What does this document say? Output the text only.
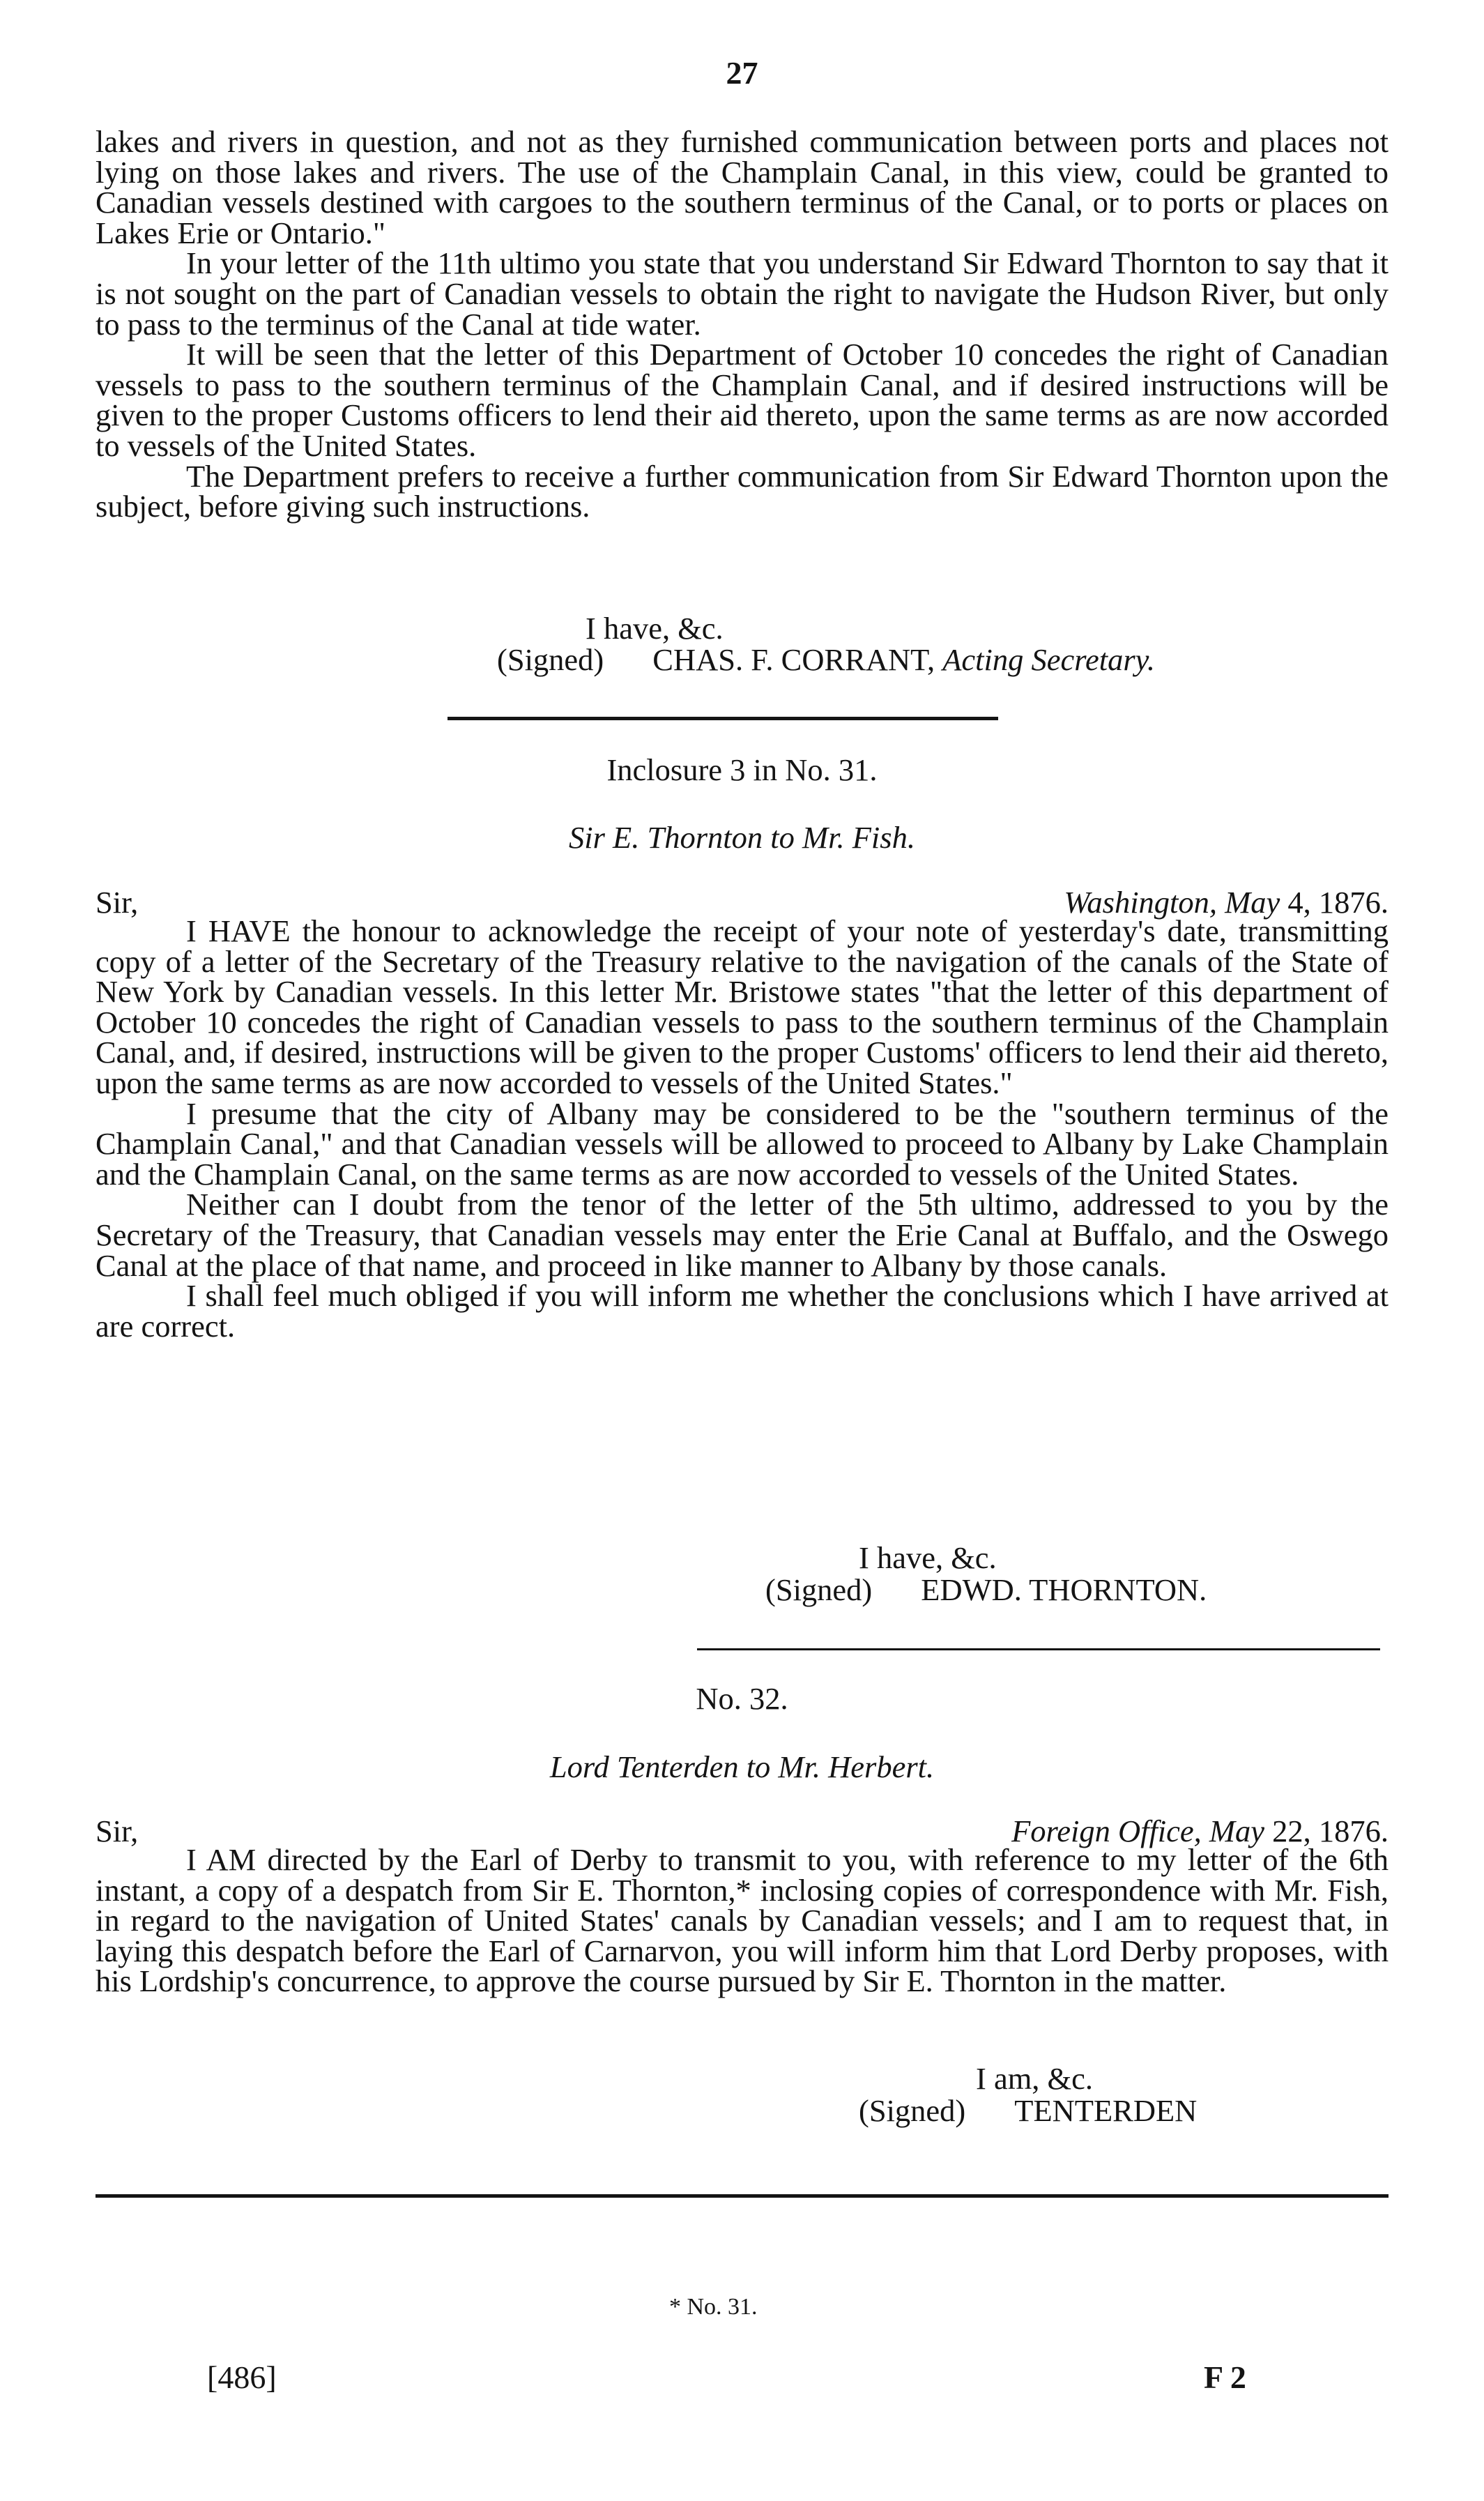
27

lakes and rivers in question, and not as they furnished communication between ports and places not lying on those lakes and rivers. The use of the Champlain Canal, in this view, could be granted to Canadian vessels destined with cargoes to the southern terminus of the Canal, or to ports or places on Lakes Erie or Ontario."

In your letter of the 11th ultimo you state that you understand Sir Edward Thornton to say that it is not sought on the part of Canadian vessels to obtain the right to navigate the Hudson River, but only to pass to the terminus of the Canal at tide water.

It will be seen that the letter of this Department of October 10 concedes the right of Canadian vessels to pass to the southern terminus of the Champlain Canal, and if desired instructions will be given to the proper Customs officers to lend their aid thereto, upon the same terms as are now accorded to vessels of the United States.

The Department prefers to receive a further communication from Sir Edward Thornton upon the subject, before giving such instructions.

I have, &c.
(Signed) CHAS. F. CORRANT, Acting Secretary.
Inclosure 3 in No. 31.
Sir E. Thornton to Mr. Fish.
Sir,	Washington, May 4, 1876.

I HAVE the honour to acknowledge the receipt of your note of yesterday's date, transmitting copy of a letter of the Secretary of the Treasury relative to the navigation of the canals of the State of New York by Canadian vessels. In this letter Mr. Bristowe states "that the letter of this department of October 10 concedes the right of Canadian vessels to pass to the southern terminus of the Champlain Canal, and, if desired, instructions will be given to the proper Customs' officers to lend their aid thereto, upon the same terms as are now accorded to vessels of the United States."

I presume that the city of Albany may be considered to be the "southern terminus of the Champlain Canal," and that Canadian vessels will be allowed to proceed to Albany by Lake Champlain and the Champlain Canal, on the same terms as are now accorded to vessels of the United States.

Neither can I doubt from the tenor of the letter of the 5th ultimo, addressed to you by the Secretary of the Treasury, that Canadian vessels may enter the Erie Canal at Buffalo, and the Oswego Canal at the place of that name, and proceed in like manner to Albany by those canals.

I shall feel much obliged if you will inform me whether the conclusions which I have arrived at are correct.

I have, &c.
(Signed) EDWD. THORNTON.
No. 32.
Lord Tenterden to Mr. Herbert.
Sir,	Foreign Office, May 22, 1876.

I AM directed by the Earl of Derby to transmit to you, with reference to my letter of the 6th instant, a copy of a despatch from Sir E. Thornton,* inclosing copies of correspondence with Mr. Fish, in regard to the navigation of United States' canals by Canadian vessels; and I am to request that, in laying this despatch before the Earl of Carnarvon, you will inform him that Lord Derby proposes, with his Lordship's concurrence, to approve the course pursued by Sir E. Thornton in the matter.

I am, &c.
(Signed) TENTERDEN
* No. 31.
[486]	F 2
